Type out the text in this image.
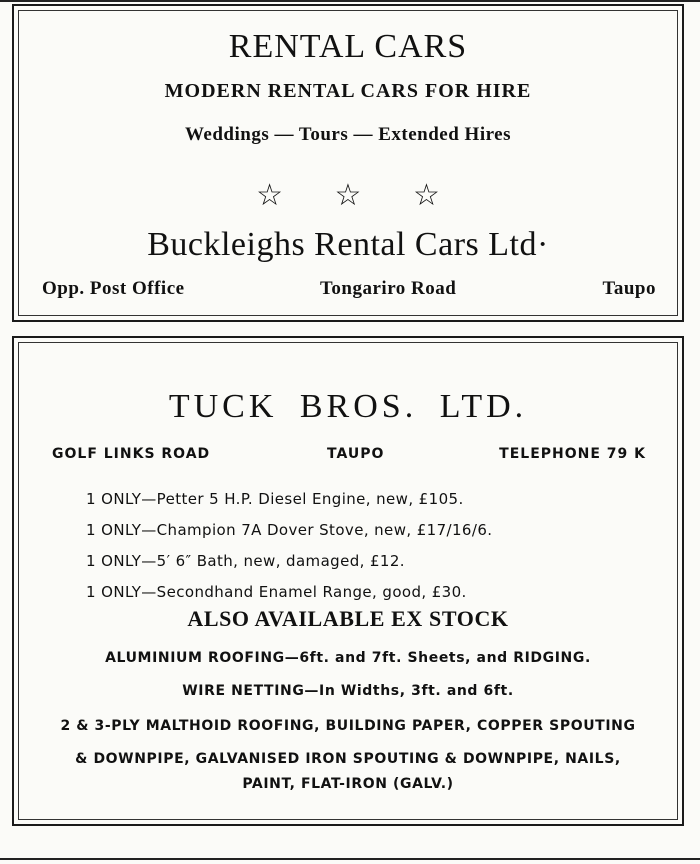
RENTAL CARS
MODERN RENTAL CARS FOR HIRE
Weddings — Tours — Extended Hires
☆ ☆ ☆
Buckleighs Rental Cars Ltd·
Opp. Post Office	Tongariro Road	Taupo
TUCK BROS. LTD.
GOLF LINKS ROAD	TAUPO	TELEPHONE 79 K
1 ONLY—Petter 5 H.P. Diesel Engine, new, £105.
1 ONLY—Champion 7A Dover Stove, new, £17/16/6.
1 ONLY—5′ 6″ Bath, new, damaged, £12.
1 ONLY—Secondhand Enamel Range, good, £30.
ALSO AVAILABLE EX STOCK
ALUMINIUM ROOFING—6ft. and 7ft. Sheets, and RIDGING.
WIRE NETTING—In Widths, 3ft. and 6ft.
2 & 3-PLY MALTHOID ROOFING, BUILDING PAPER, COPPER SPOUTING
& DOWNPIPE, GALVANISED IRON SPOUTING & DOWNPIPE, NAILS,
PAINT, FLAT-IRON (GALV.)
